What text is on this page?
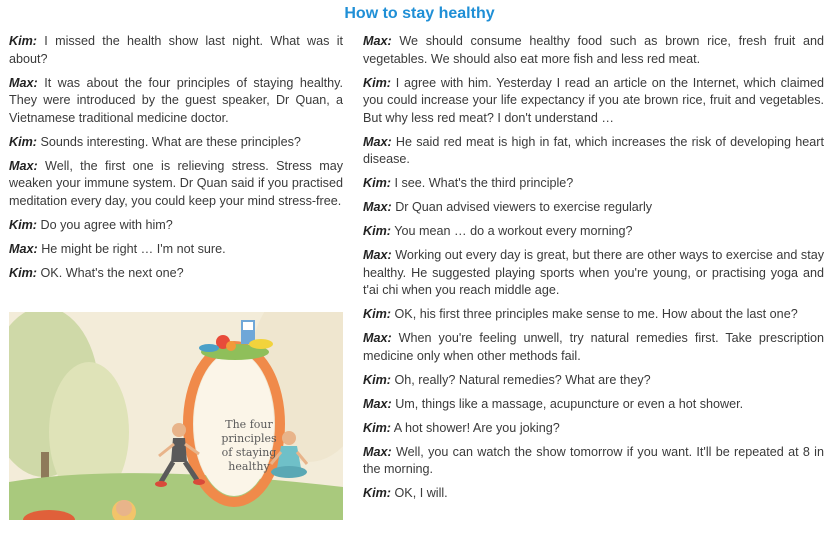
How to stay healthy

Kim: I missed the health show last night. What was it about?

Max: It was about the four principles of staying healthy. They were introduced by the guest speaker, Dr Quan, a Vietnamese traditional medicine doctor.

Kim: Sounds interesting. What are these principles?

Max: Well, the first one is relieving stress. Stress may weaken your immune system. Dr Quan said if you practised meditation every day, you could keep your mind stress-free.

Kim: Do you agree with him?

Max: He might be right … I'm not sure.

Kim: OK. What's the next one?

The four
principles
of staying
healthy

Max: We should consume healthy food such as brown rice, fresh fruit and vegetables. We should also eat more fish and less red meat.

Kim: I agree with him. Yesterday I read an article on the Internet, which claimed you could increase your life expectancy if you ate brown rice, fruit and vegetables. But why less red meat? I don't understand …

Max: He said red meat is high in fat, which increases the risk of developing heart disease.

Kim: I see. What's the third principle?

Max: Dr Quan advised viewers to exercise regularly

Kim: You mean … do a workout every morning?

Max: Working out every day is great, but there are other ways to exercise and stay healthy. He suggested playing sports when you're young, or practising yoga and t'ai chi when you reach middle age.

Kim: OK, his first three principles make sense to me. How about the last one?

Max: When you're feeling unwell, try natural remedies first. Take prescription medicine only when other methods fail.

Kim: Oh, really? Natural remedies? What are they?

Max: Um, things like a massage, acupuncture or even a hot shower.

Kim: A hot shower! Are you joking?

Max: Well, you can watch the show tomorrow if you want. It'll be repeated at 8 in the morning.

Kim: OK, I will.
